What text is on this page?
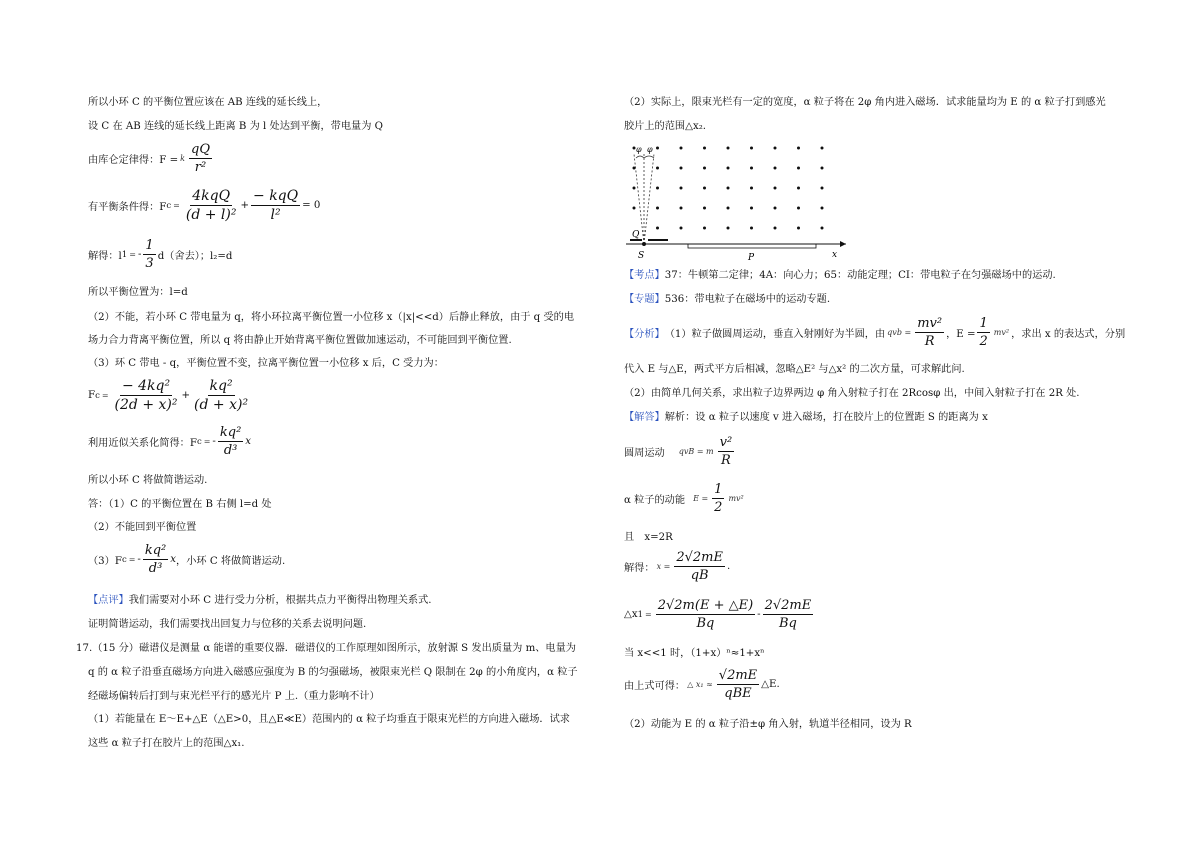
所以小环 C 的平衡位置应该在 AB 连线的延长线上，
设 C 在 AB 连线的延长线上距离 B 为 l 处达到平衡，带电量为 Q
由库仑定律得：F = k $\frac{qQ}{\text{r²}}$
有平衡条件得：F $c = \frac{\text{4kqQ}}{\text{(d + l)²}} + \frac{\text{− kqQ}}{\text{l²}} = 0$
解得：l 1 = - $\frac{1}{3} d$（舍去）；l₂=d
所以平衡位置为：l=d
（2）不能，若小环 C 带电量为 q，将小环拉离平衡位置一小位移 x（|x|<<d）后静止释放，由于 q 受的电
场力合力背离平衡位置，所以 q 将由静止开始背离平衡位置做加速运动，不可能回到平衡位置.
（3）环 C 带电 - q，平衡位置不变，拉离平衡位置一小位移 x 后，C 受力为：
F $c = \frac{\text{− 4kq²}}{\text{(2d + x)²}} + \frac{\text{kq²}}{\text{(d + x)²}}$
利用近似关系化简得：F c = - $\frac{\text{kq²}}{\text{d³}}$ x
所以小环 C 将做简谐运动.
答：（1）C 的平衡位置在 B 右侧 l=d 处
（2）不能回到平衡位置
（3）F c = - $\frac{\text{kq²}}{\text{d³}}$ x ，小环 C 将做简谐运动.
【点评】我们需要对小环 C 进行受力分析，根据共点力平衡得出物理关系式.
证明简谐运动，我们需要找出回复力与位移的关系去说明问题.
17.（15 分）磁谱仪是测量 α 能谱的重要仪器．磁谱仪的工作原理如图所示，放射源 S 发出质量为 m、电量为
q 的 α 粒子沿垂直磁场方向进入磁感应强度为 B 的匀强磁场，被限束光栏 Q 限制在 2φ 的小角度内，α 粒子
经磁场偏转后打到与束光栏平行的感光片 P 上.（重力影响不计）
（1）若能量在 E～E+△E（△E>0，且△E≪E）范围内的 α 粒子均垂直于限束光栏的方向进入磁场．试求
这些 α 粒子打在胶片上的范围△x₁.
（2）实际上，限束光栏有一定的宽度，α 粒子将在 2φ 角内进入磁场．试求能量均为 E 的 α 粒子打到感光
胶片上的范围△x₂.
【考点】37：牛顿第二定律；4A：向心力；65：动能定理；CI：带电粒子在匀强磁场中的运动.
【专题】536：带电粒子在磁场中的运动专题.
【分析】 （1）粒子做圆周运动，垂直入射刚好为半圆，由 qvb = $\frac{\text{mv²}}{R}$ ，$E = \frac{1}{2} mv^2$ ，求出 x 的表达式，分别
代入 E 与△E，两式平方后相减，忽略△E² 与△x² 的二次方量，可求解此问.
（2）由简单几何关系，求出粒子边界两边 φ 角入射粒子打在 2Rcosφ 出，中间入射粒子打在 2R 处.
【解答】解析：设 α 粒子以速度 v 进入磁场，打在胶片上的位置距 S 的距离为 x
圆周运动 qvB = m $\frac{\text{v²}}{R}$
α 粒子的动能 $E = \frac{1}{2} mv^2$
且　x=2R
解得： $x = \frac{2√2mE}{qB}$ .
△x $1 = \frac{2√2m(E + \triangle E)}{Bq} - \frac{2√2mE}{Bq}$
当 x<<1 时，（1+x）ⁿ≈1+xⁿ
由上式可得： △ $x_1 \approx \frac{√2mE}{\text{qBE}}$ △E.
（2）动能为 E 的 α 粒子沿±φ 角入射，轨道半径相同，设为 R
φ φ
Q
S	P	x
